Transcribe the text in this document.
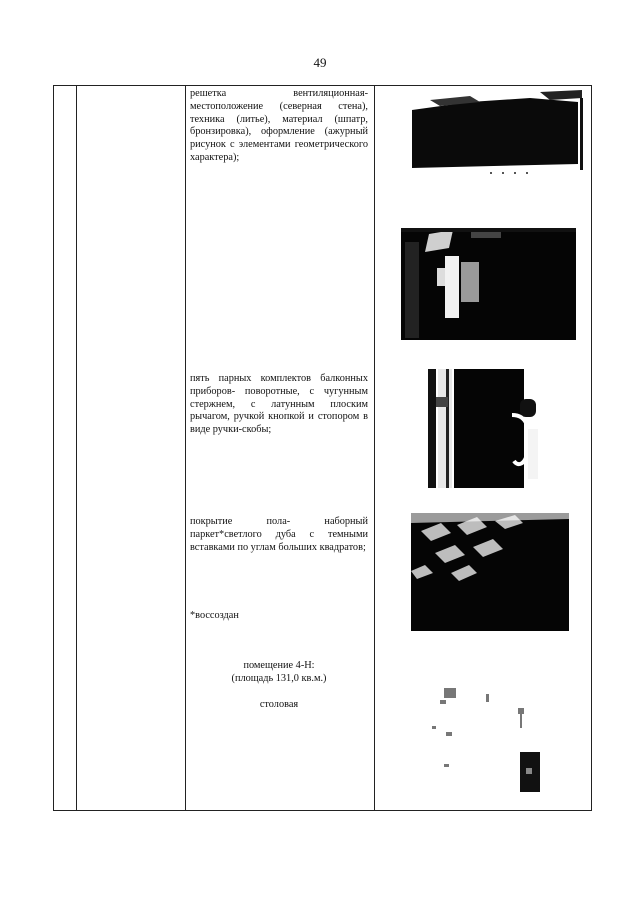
49
решетка вентиляционная- местоположение (северная стена), техника (литье), материал (шпатр, бронзировка), оформление (ажурный рисунок с элементами геометрического характера);
пять парных комплектов балконных приборов- поворотные, с чугунным стержнем, с латунным плоским рычагом, ручкой кнопкой и стопором в виде ручки-скобы;
покрытие пола- наборный паркет*светлого дуба с темными вставками по углам больших квадратов;
*воссоздан
помещение 4-Н:
(площадь 131,0 кв.м.)
столовая
